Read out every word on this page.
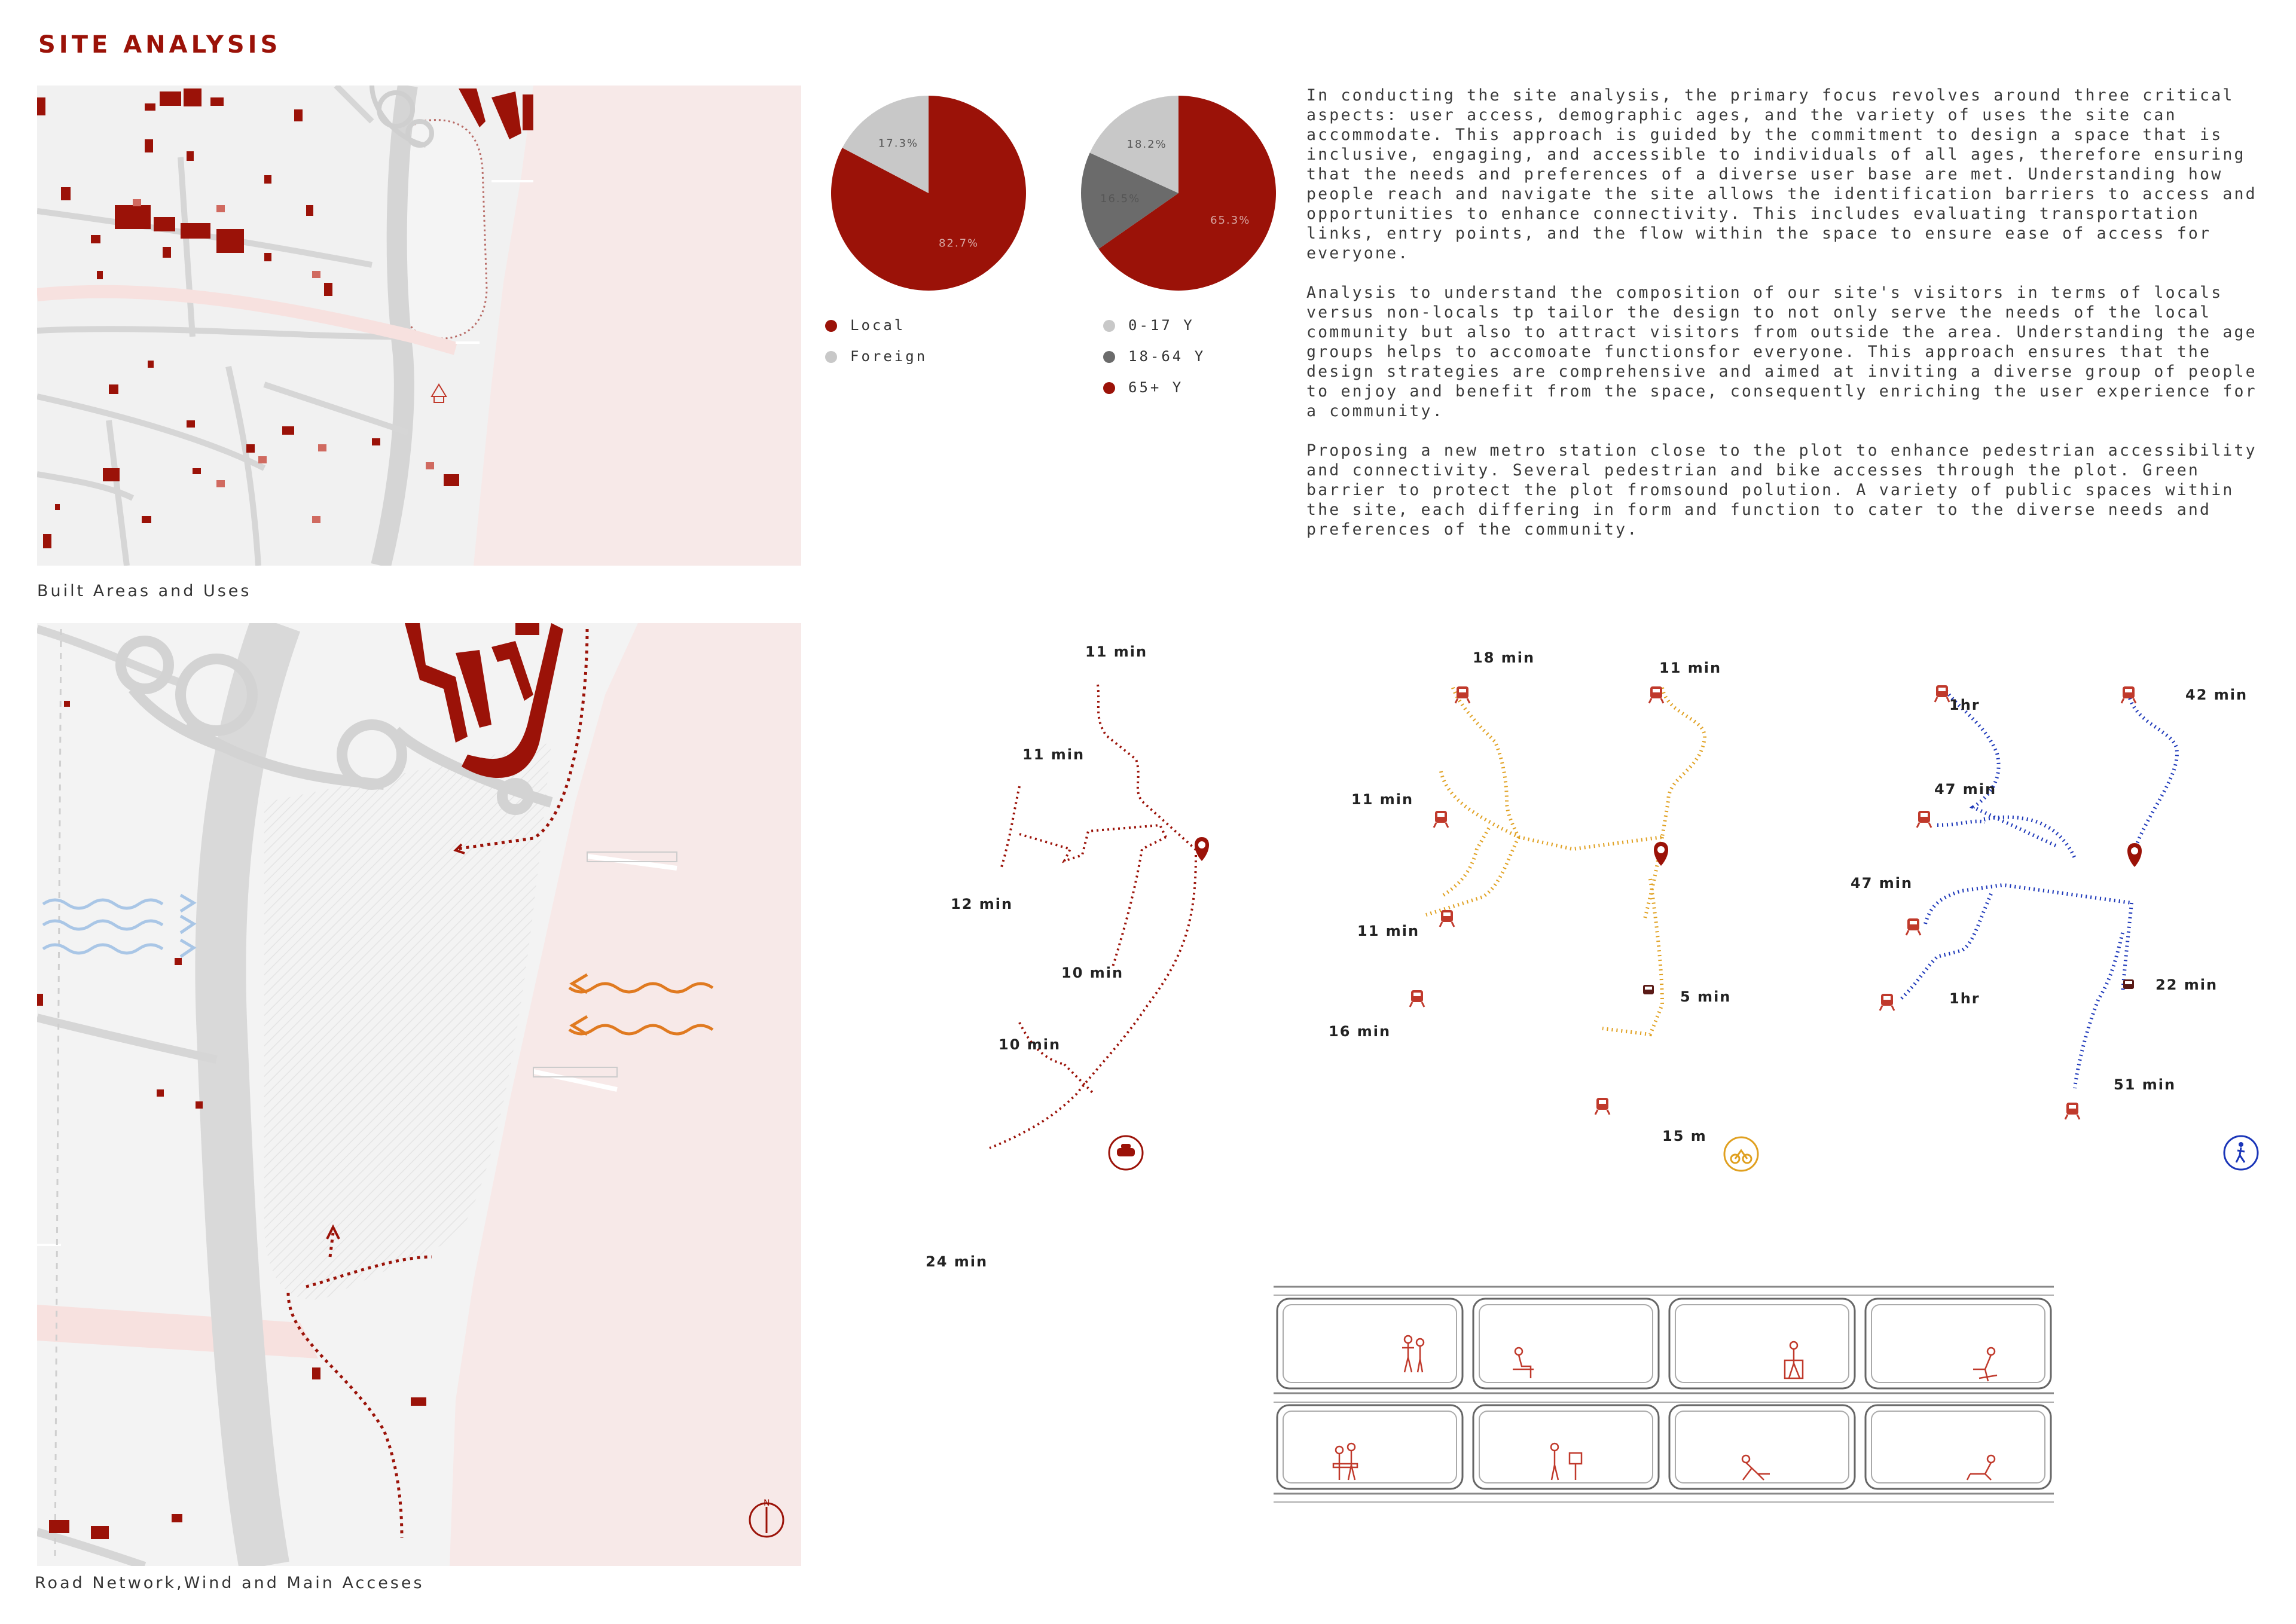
SITE ANALYSIS
Built Areas and Uses
N
Road Network,Wind and Main Acceses
82.7%
17.3%
65.3%
16.5%
18.2%
Local
Foreign
0-17 Y
18-64 Y
65+ Y

In conducting the site analysis, the primary focus revolves around three critical aspects: user access, demographic ages, and the variety of uses the site can accommodate. This approach is guided by the commitment to design a space that is inclusive, engaging, and accessible to individuals of all ages, therefore ensuring that the needs and preferences of a diverse user base are met. Understanding how people reach and navigate the site allows the identification barriers to access and opportunities to enhance connectivity. This includes evaluating transportation links, entry points, and the flow within the space to ensure ease of access for everyone.

Analysis to understand the composition of our site's visitors in terms of locals versus non-locals tp tailor the design to not only serve the needs of the local community but also to attract visitors from outside the area. Understanding the age groups helps to accomoate functionsfor everyone. This approach ensures that the design strategies are comprehensive and aimed at inviting a diverse group of people to enjoy and benefit from the space, consequently enriching the user experience for a community.

Proposing a new metro station close to the plot to enhance pedestrian accessibility and connectivity. Several pedestrian and bike accesses through the plot. Green barrier to protect the plot fromsound polution. A variety of public spaces within the site, each differing in form and function to cater to the diverse needs and preferences of the community.

11 min
11 min
12 min
10 min
10 min
24 min
18 min
11 min
11 min
11 min
16 min
5 min
15 m
1hr
42 min
47 min
47 min
1hr
22 min
51 min
